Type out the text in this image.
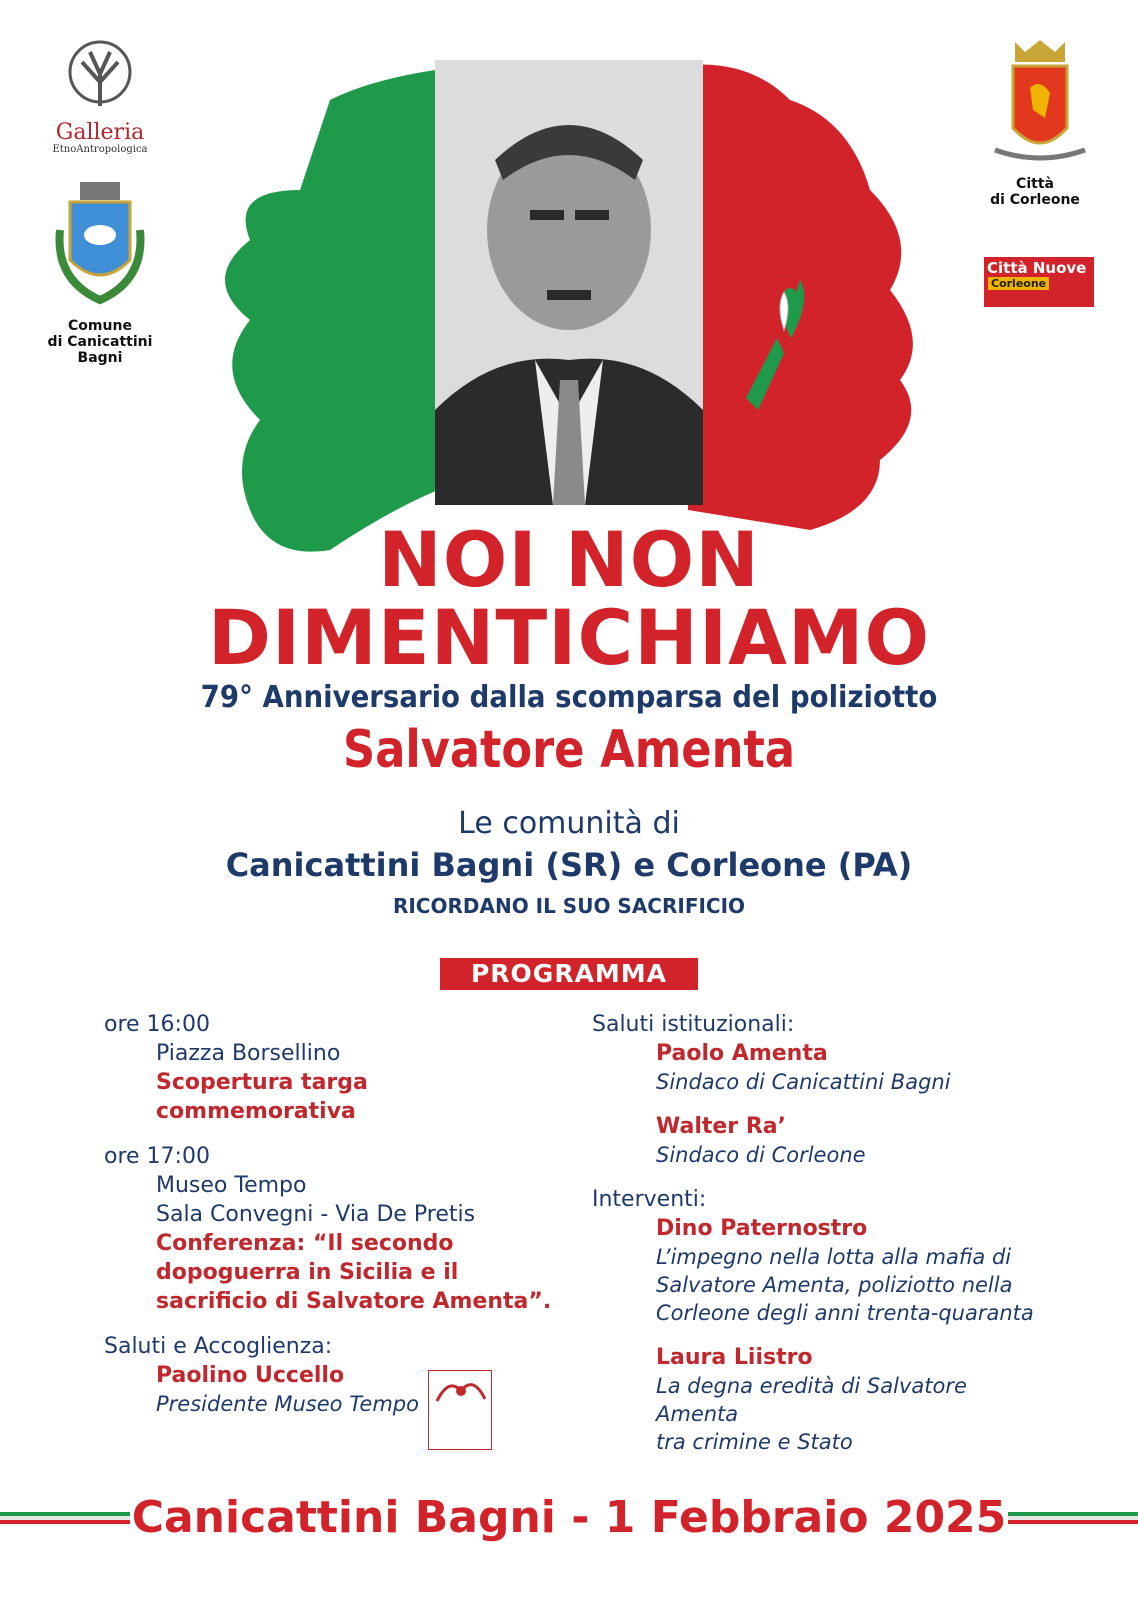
Galleria
EtnoAntropologica
Comune
di Canicattini
Bagni
Città
di Corleone
Città Nuove
Corleone
NOI NON
DIMENTICHIAMO
79° Anniversario dalla scomparsa del poliziotto
Salvatore Amenta
Le comunità di
Canicattini Bagni (SR) e Corleone (PA)
RICORDANO IL SUO SACRIFICIO
PROGRAMMA
ore 16:00
Piazza Borsellino
Scopertura targa
commemorativa
ore 17:00
Museo Tempo
Sala Convegni - Via De Pretis
Conferenza: “Il secondo
dopoguerra in Sicilia e il
sacrificio di Salvatore Amenta”.
Saluti e Accoglienza:
Paolino Uccello
Presidente Museo Tempo
Saluti istituzionali:
Paolo Amenta
Sindaco di Canicattini Bagni
Walter Ra’
Sindaco di Corleone
Interventi:
Dino Paternostro
L’impegno nella lotta alla mafia di
Salvatore Amenta, poliziotto nella
Corleone degli anni trenta-quaranta
Laura Liistro
La degna eredità di Salvatore Amenta
tra crimine e Stato
Canicattini Bagni - 1 Febbraio 2025
